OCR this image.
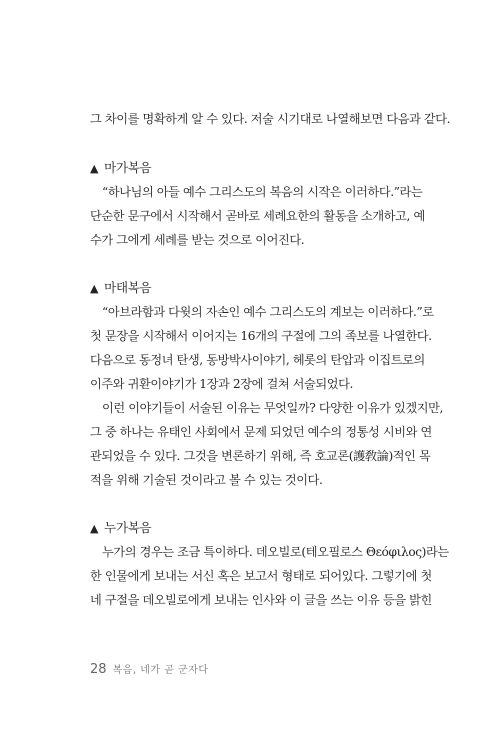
그 차이를 명확하게 알 수 있다. 저술 시기대로 나열해보면 다음과 같다.
▲ 마가복음
“하나님의 아들 예수 그리스도의 복음의 시작은 이러하다.”라는
단순한 문구에서 시작해서 곧바로 세례요한의 활동을 소개하고, 예
수가 그에게 세례를 받는 것으로 이어진다.
▲ 마태복음
“아브라함과 다윗의 자손인 예수 그리스도의 계보는 이러하다.”로
첫 문장을 시작해서 이어지는 16개의 구절에 그의 족보를 나열한다.
다음으로 동정녀 탄생, 동방박사이야기, 헤롯의 탄압과 이집트로의
이주와 귀환이야기가 1장과 2장에 걸쳐 서술되었다.
이런 이야기들이 서술된 이유는 무엇일까? 다양한 이유가 있겠지만,
그 중 하나는 유태인 사회에서 문제 되었던 예수의 정통성 시비와 연
관되었을 수 있다. 그것을 변론하기 위해, 즉 호교론(護敎論)적인 목
적을 위해 기술된 것이라고 볼 수 있는 것이다.
▲ 누가복음
누가의 경우는 조금 특이하다. 데오빌로(테오필로스 Θεόφιλος)라는
한 인물에게 보내는 서신 혹은 보고서 형태로 되어있다. 그렇기에 첫
네 구절을 데오빌로에게 보내는 인사와 이 글을 쓰는 이유 등을 밝힌
28 복음, 네가 곧 군자다
